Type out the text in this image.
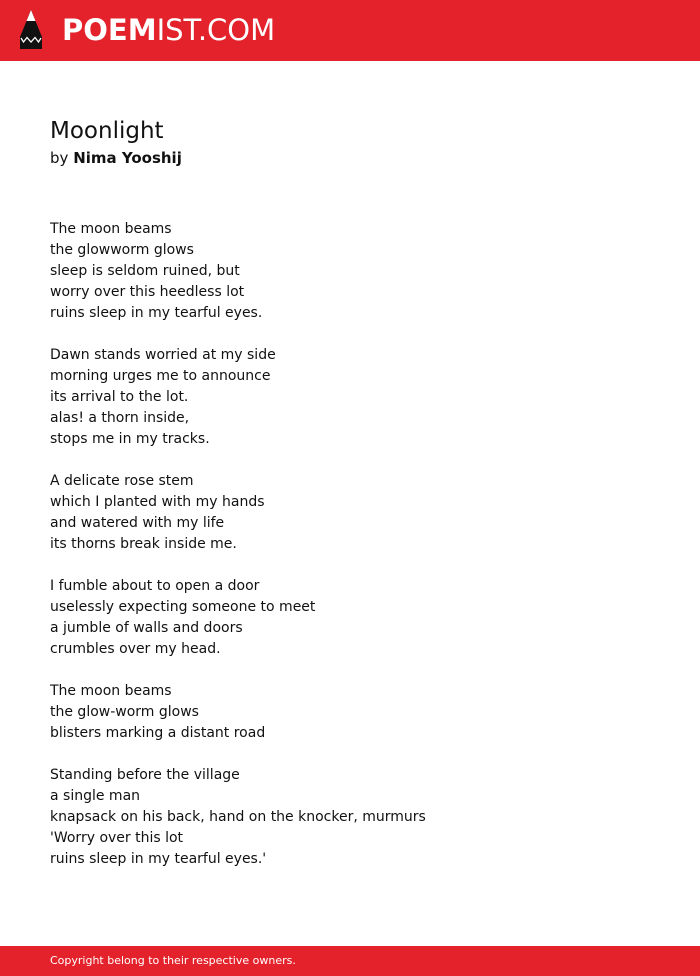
POEMIST.COM
Moonlight
by Nima Yooshij
The moon beams
the glowworm glows
sleep is seldom ruined, but
worry over this heedless lot
ruins sleep in my tearful eyes.
Dawn stands worried at my side
morning urges me to announce
its arrival to the lot.
alas! a thorn inside,
stops me in my tracks.
A delicate rose stem
which I planted with my hands
and watered with my life
its thorns break inside me.
I fumble about to open a door
uselessly expecting someone to meet
a jumble of walls and doors
crumbles over my head.
The moon beams
the glow-worm glows
blisters marking a distant road
Standing before the village
a single man
knapsack on his back, hand on the knocker, murmurs
'Worry over this lot
ruins sleep in my tearful eyes.'
Copyright belong to their respective owners.
